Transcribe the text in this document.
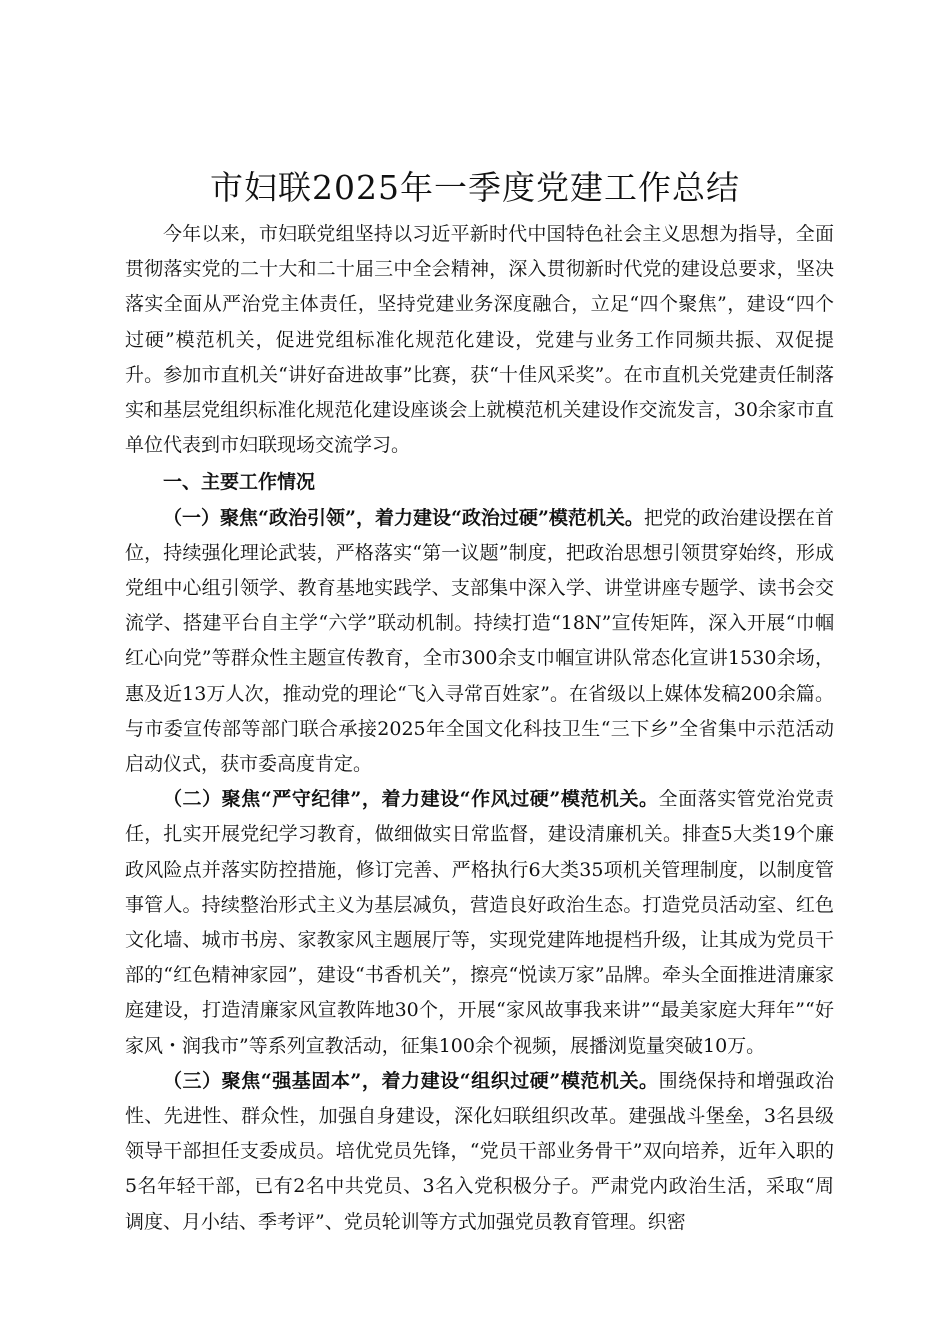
市妇联2025年一季度党建工作总结

今年以来，市妇联党组坚持以习近平新时代中国特色社会主义思想为指导，全面贯彻落实党的二十大和二十届三中全会精神，深入贯彻新时代党的建设总要求，坚决落实全面从严治党主体责任，坚持党建业务深度融合，立足“四个聚焦”，建设“四个过硬”模范机关，促进党组标准化规范化建设，党建与业务工作同频共振、双促提升。参加市直机关“讲好奋进故事”比赛，获“十佳风采奖”。在市直机关党建责任制落实和基层党组织标准化规范化建设座谈会上就模范机关建设作交流发言，30余家市直单位代表到市妇联现场交流学习。

一、主要工作情况

（一）聚焦“政治引领”，着力建设“政治过硬”模范机关。把党的政治建设摆在首位，持续强化理论武装，严格落实“第一议题”制度，把政治思想引领贯穿始终，形成党组中心组引领学、教育基地实践学、支部集中深入学、讲堂讲座专题学、读书会交流学、搭建平台自主学“六学”联动机制。持续打造“18N”宣传矩阵，深入开展“巾帼红心向党”等群众性主题宣传教育，全市300余支巾帼宣讲队常态化宣讲1530余场，惠及近13万人次，推动党的理论“飞入寻常百姓家”。在省级以上媒体发稿200余篇。与市委宣传部等部门联合承接2025年全国文化科技卫生“三下乡”全省集中示范活动启动仪式，获市委高度肯定。

（二）聚焦“严守纪律”，着力建设“作风过硬”模范机关。全面落实管党治党责任，扎实开展党纪学习教育，做细做实日常监督，建设清廉机关。排查5大类19个廉政风险点并落实防控措施，修订完善、严格执行6大类35项机关管理制度，以制度管事管人。持续整治形式主义为基层减负，营造良好政治生态。打造党员活动室、红色文化墙、城市书房、家教家风主题展厅等，实现党建阵地提档升级，让其成为党员干部的“红色精神家园”，建设“书香机关”，擦亮“悦读万家”品牌。牵头全面推进清廉家庭建设，打造清廉家风宣教阵地30个，开展“家风故事我来讲”“最美家庭大拜年”“好家风・润我市”等系列宣教活动，征集100余个视频，展播浏览量突破10万。

（三）聚焦“强基固本”，着力建设“组织过硬”模范机关。围绕保持和增强政治性、先进性、群众性，加强自身建设，深化妇联组织改革。建强战斗堡垒，3名县级领导干部担任支委成员。培优党员先锋，“党员干部业务骨干”双向培养，近年入职的5名年轻干部，已有2名中共党员、3名入党积极分子。严肃党内政治生活，采取“周调度、月小结、季考评”、党员轮训等方式加强党员教育管理。织密
